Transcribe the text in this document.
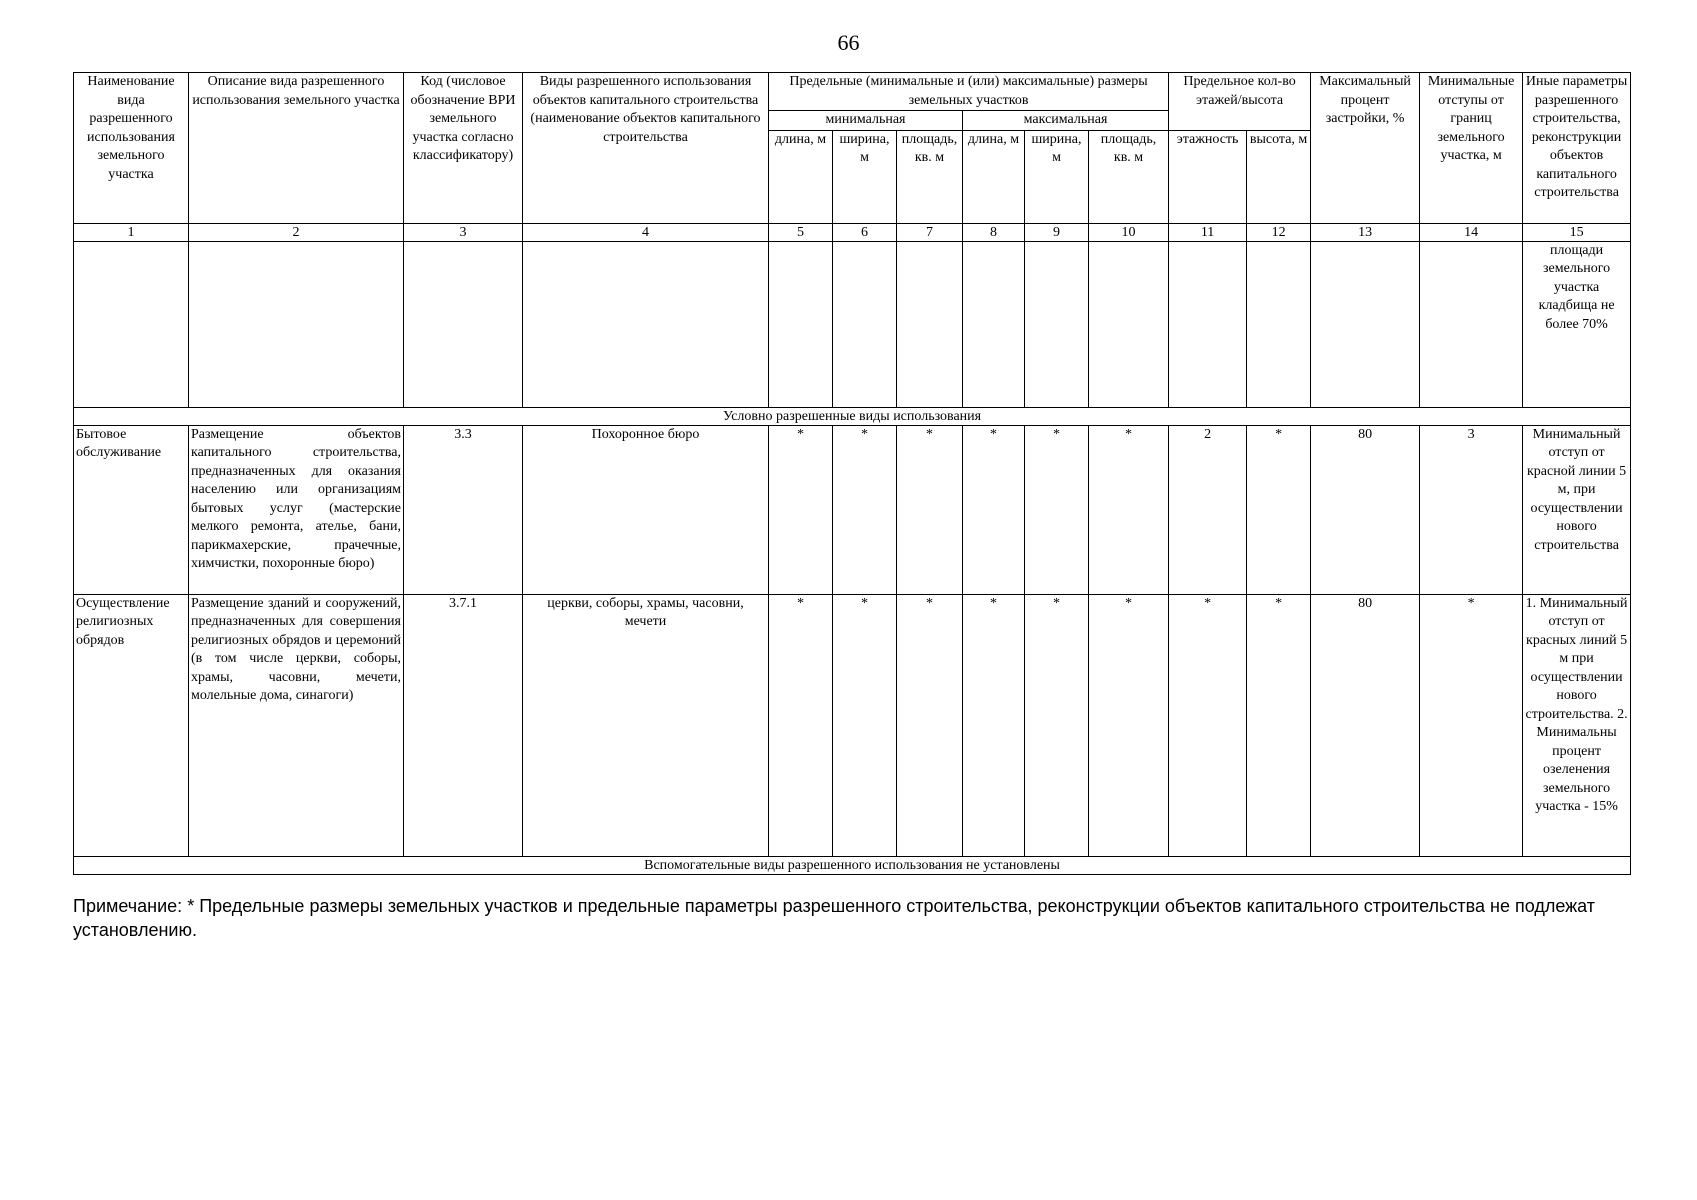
66
Наименование вида разрешенного использования земельного участка	Описание вида разрешенного использования земельного участка	Код (числовое обозначение ВРИ земельного участка согласно классификатору)	Виды разрешенного использования объектов капитального строительства (наименование объектов капитального строительства	Предельные (минимальные и (или) максимальные) размеры земельных участков						Предельное кол-во этажей/высота		Максимальный процент застройки, %	Минимальные отступы от границ земельного участка, м	Иные параметры разрешенного строительства, реконструкции объектов капитального строительства
				минимальная			максимальная							
				длина, м	ширина, м	площадь, кв. м	длина, м	ширина, м	площадь, кв. м	этажность	высота, м			
1	2	3	4	5	6	7	8	9	10	11	12	13	14	15
														площади земельного участка кладбища не более 70%
Условно разрешенные виды использования														
Бытовое обслуживание	Размещение объектов капитального строительства, предназначенных для оказания населению или организациям бытовых услуг (мастерские мелкого ремонта, ателье, бани, парикмахерские, прачечные, химчистки, похоронные бюро)	3.3	Похоронное бюро	*	*	*	*	*	*	2	*	80	3	Минимальный отступ от красной линии 5 м, при осуществлении нового строительства
Осуществление религиозных обрядов	Размещение зданий и сооружений, предназначенных для совершения религиозных обрядов и церемоний (в том числе церкви, соборы, храмы, часовни, мечети, молельные дома, синагоги)	3.7.1	церкви, соборы, храмы, часовни, мечети	*	*	*	*	*	*	*	*	80	*	1. Минимальный отступ от красных линий 5 м при осуществлении нового строительства. 2. Минимальны процент озеленения земельного участка - 15%
Вспомогательные виды разрешенного использования не установлены														
Примечание: * Предельные размеры земельных участков и предельные параметры разрешенного строительства, реконструкции объектов капитального строительства не подлежат установлению.
